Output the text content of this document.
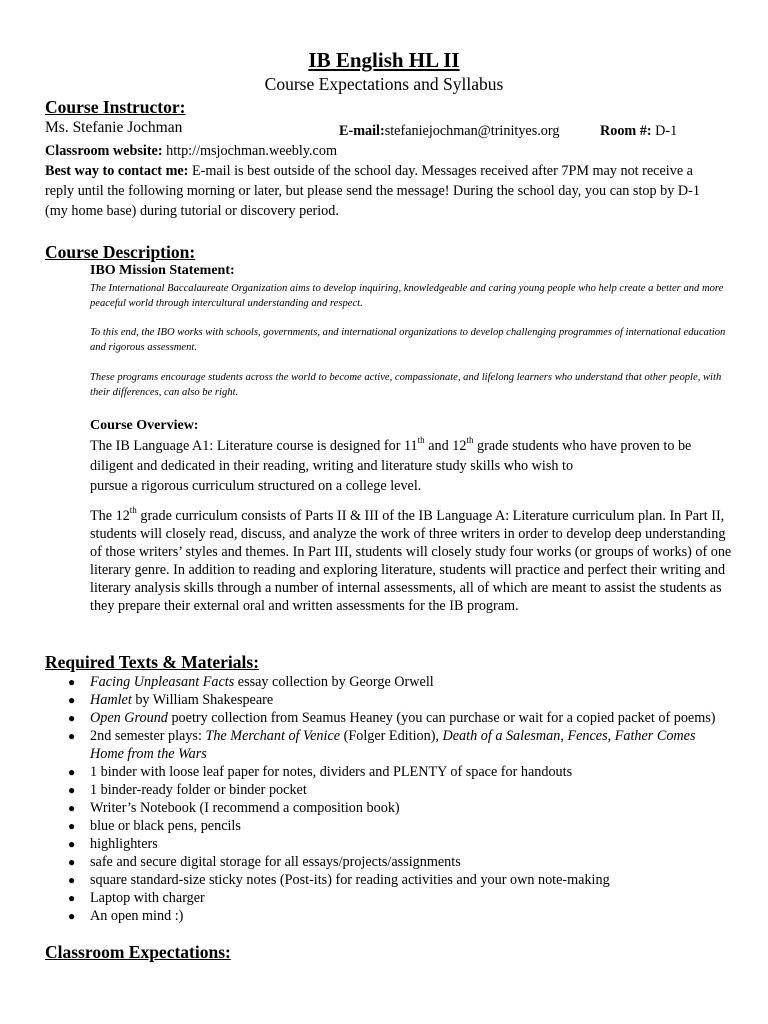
IB English HL II
Course Expectations and Syllabus
Course Instructor:
Ms. Stefanie Jochman	E-mail:stefaniejochman@trinityes.org	Room #: D-1
Classroom website: http://msjochman.weebly.com
Best way to contact me: E-mail is best outside of the school day. Messages received after 7PM may not receive a reply until the following morning or later, but please send the message! During the school day, you can stop by D-1 (my home base) during tutorial or discovery period.
Course Description:
IBO Mission Statement:
The International Baccalaureate Organization aims to develop inquiring, knowledgeable and caring young people who help create a better and more peaceful world through intercultural understanding and respect.
To this end, the IBO works with schools, governments, and international organizations to develop challenging programmes of international education and rigorous assessment.
These programs encourage students across the world to become active, compassionate, and lifelong learners who understand that other people, with their differences, can also be right.
Course Overview:
The IB Language A1: Literature course is designed for 11th and 12th grade students who have proven to be diligent and dedicated in their reading, writing and literature study skills who wish to
pursue a rigorous curriculum structured on a college level.
The 12th grade curriculum consists of Parts II & III of the IB Language A: Literature curriculum plan. In Part II, students will closely read, discuss, and analyze the work of three writers in order to develop deep understanding of those writers’ styles and themes. In Part III, students will closely study four works (or groups of works) of one literary genre. In addition to reading and exploring literature, students will practice and perfect their writing and literary analysis skills through a number of internal assessments, all of which are meant to assist the students as they prepare their external oral and written assessments for the IB program.
Required Texts & Materials:
● Facing Unpleasant Facts essay collection by George Orwell
● Hamlet by William Shakespeare
● Open Ground poetry collection from Seamus Heaney (you can purchase or wait for a copied packet of poems)
● 2nd semester plays: The Merchant of Venice (Folger Edition), Death of a Salesman, Fences, Father Comes Home from the Wars
● 1 binder with loose leaf paper for notes, dividers and PLENTY of space for handouts
● 1 binder-ready folder or binder pocket
● Writer’s Notebook (I recommend a composition book)
● blue or black pens, pencils
● highlighters
● safe and secure digital storage for all essays/projects/assignments
● square standard-size sticky notes (Post-its) for reading activities and your own note-making
● Laptop with charger
● An open mind :)
Classroom Expectations:
